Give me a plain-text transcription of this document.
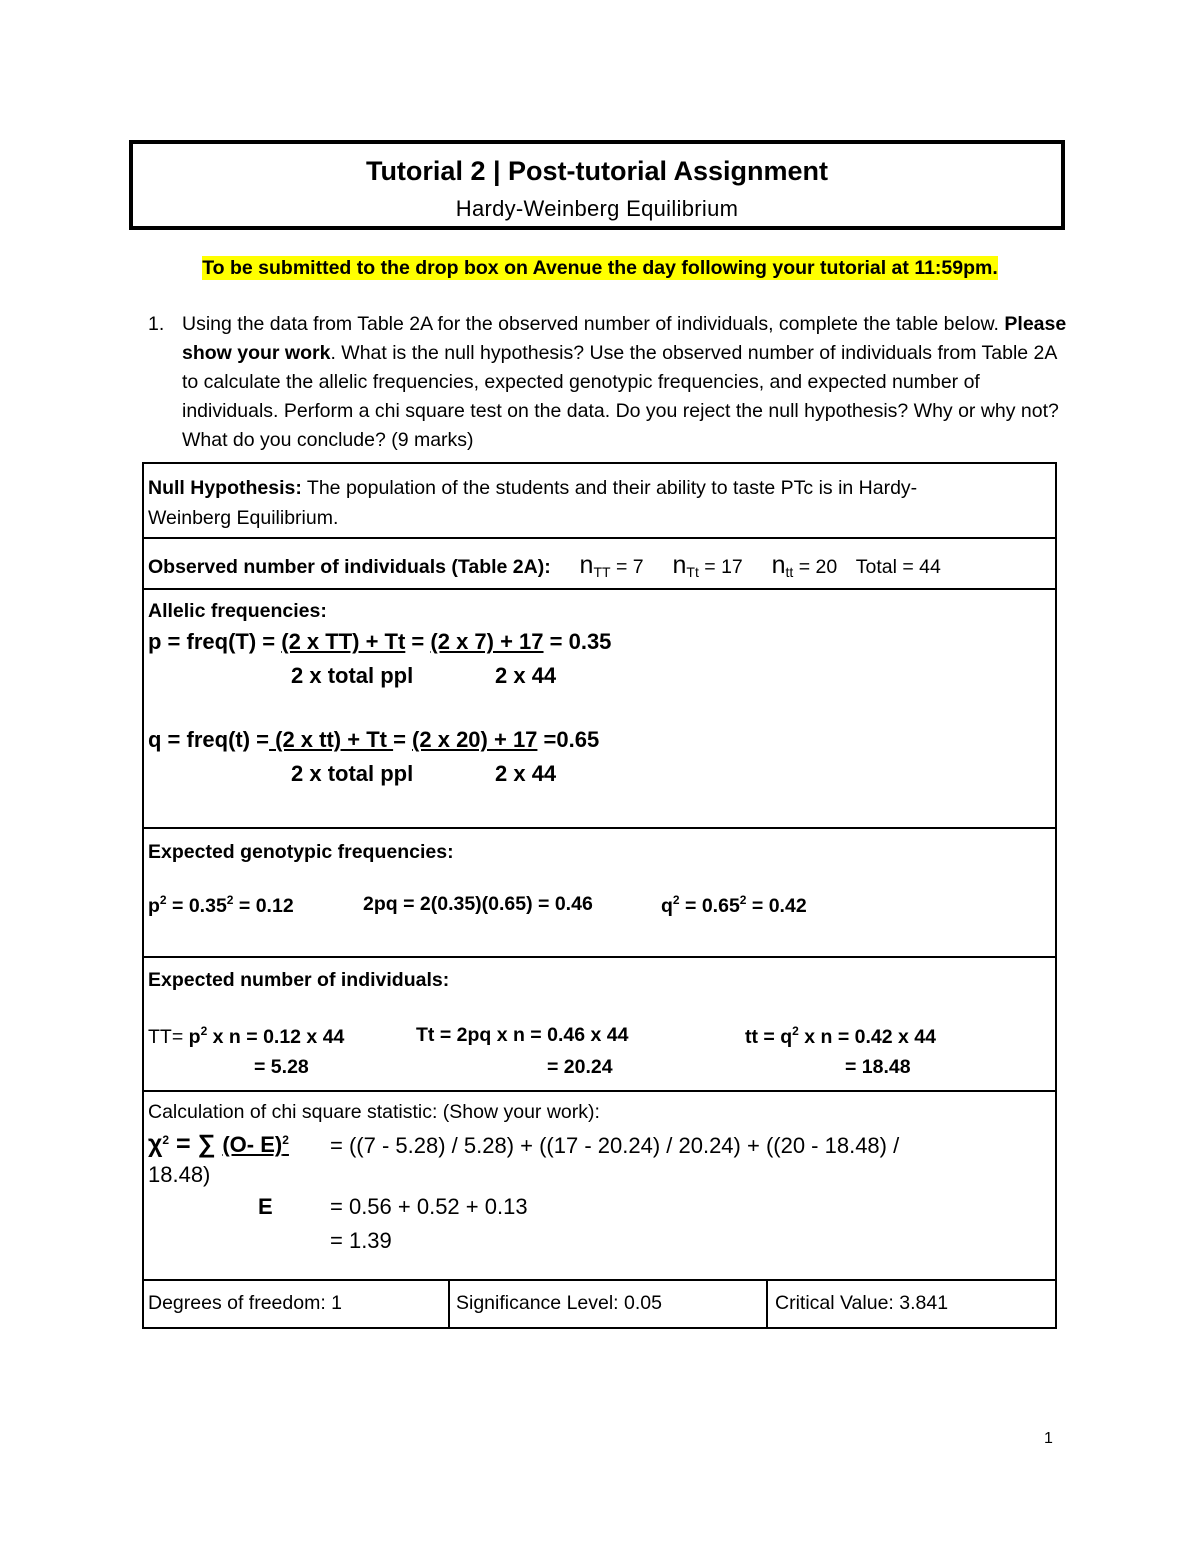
Tutorial 2 | Post-tutorial Assignment
Hardy-Weinberg Equilibrium
To be submitted to the drop box on Avenue the day following your tutorial at 11:59pm.
1. Using the data from Table 2A for the observed number of individuals, complete the table below. Please show your work. What is the null hypothesis? Use the observed number of individuals from Table 2A to calculate the allelic frequencies, expected genotypic frequencies, and expected number of individuals. Perform a chi square test on the data. Do you reject the null hypothesis? Why or why not? What do you conclude? (9 marks)
Null Hypothesis: The population of the students and their ability to taste PTc is in Hardy-Weinberg Equilibrium.

Observed number of individuals (Table 2A): $n_{TT} = 7$ $n_{Tt} = 17$ $n_{tt} = 20$ Total = 44

Allelic frequencies:
p = freq(T) = (2 x TT) + Tt = (2 x 7) + 17 = 0.35
2 x total ppl	2 x 44
q = freq(t) = (2 x tt) + Tt = (2 x 20) + 17 =0.65
2 x total ppl	2 x 44

Expected genotypic frequencies:
$p^2 = 0.35^2 = 0.12$	2pq = 2(0.35)(0.65) = 0.46	$q^2 = 0.65^2 = 0.42$

Expected number of individuals:
$TT= p^2$ x n = 0.12 x 44	Tt = 2pq x n = 0.46 x 44	tt = $q^2$ x n = 0.42 x 44
= 5.28	= 20.24	= 18.48

Calculation of chi square statistic: (Show your work):
$\chi^2$ = ∑ (O- E)$^2$ = ((7 - 5.28) / 5.28) + ((17 - 20.24) / 20.24) + ((20 - 18.48) /
18.48)
E	= 0.56 + 0.52 + 0.13
= 1.39

Degrees of freedom: 1	Significance Level: 0.05	Critical Value: 3.841
1
